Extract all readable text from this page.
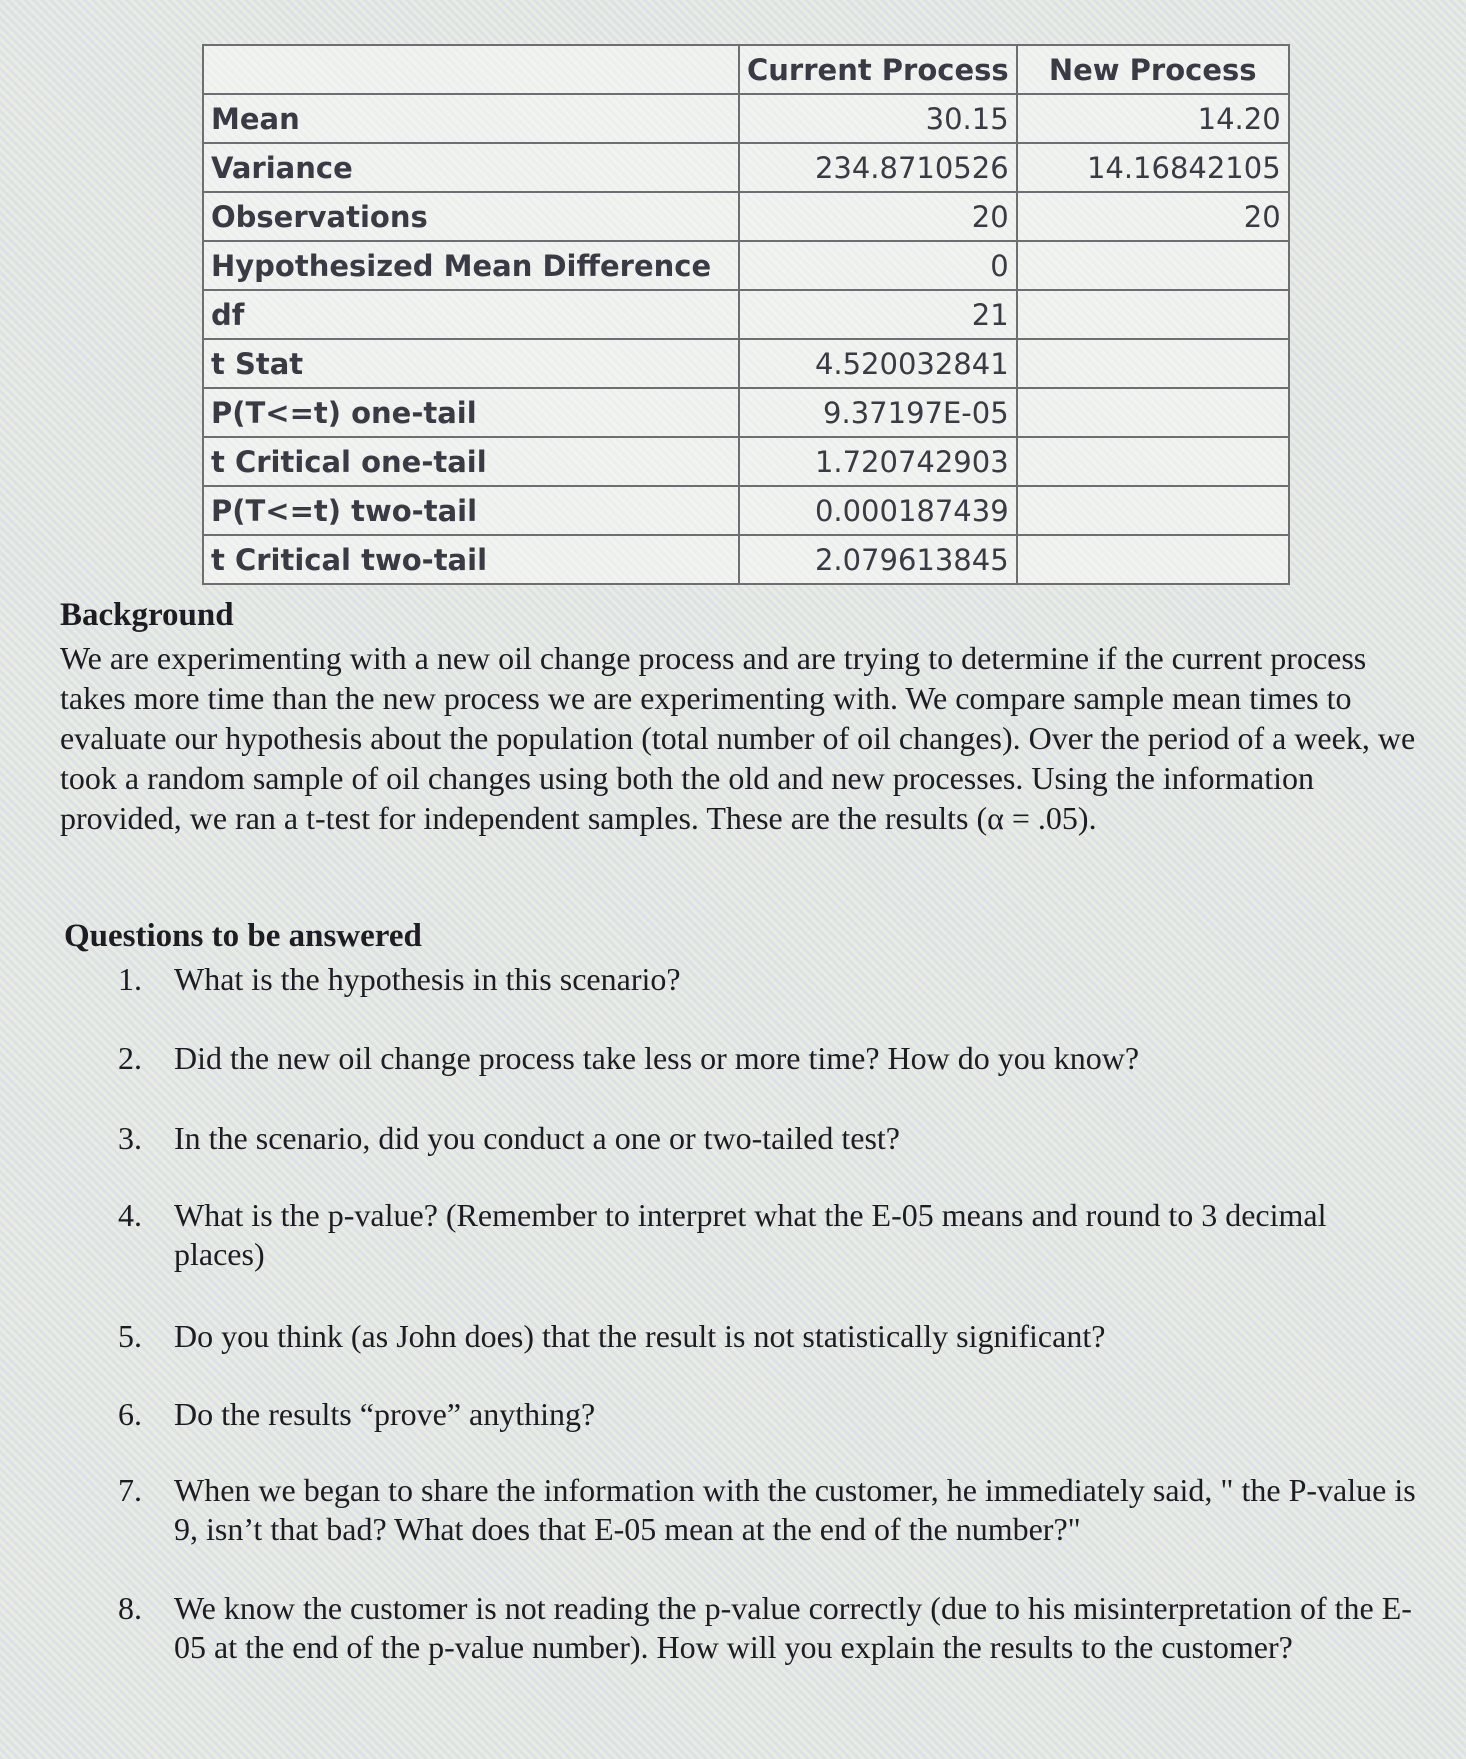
	Current Process	New Process
Mean	30.15	14.20
Variance	234.8710526	14.16842105
Observations	20	20
Hypothesized Mean Difference	0	
df	21	
t Stat	4.520032841	
P(T<=t) one-tail	9.37197E-05	
t Critical one-tail	1.720742903	
P(T<=t) two-tail	0.000187439	
t Critical two-tail	2.079613845	
Background

We are experimenting with a new oil change process and are trying to determine if the current process takes more time than the new process we are experimenting with. We compare sample mean times to evaluate our hypothesis about the population (total number of oil changes). Over the period of a week, we took a random sample of oil changes using both the old and new processes. Using the information provided, we ran a t-test for independent samples. These are the results (α = .05).

Questions to be answered
1.	What is the hypothesis in this scenario?
2.	Did the new oil change process take less or more time? How do you know?
3.	In the scenario, did you conduct a one or two-tailed test?
4.	What is the p-value? (Remember to interpret what the E-05 means and round to 3 decimal places)
5.	Do you think (as John does) that the result is not statistically significant?
6.	Do the results “prove” anything?
7.	When we began to share the information with the customer, he immediately said, " the P-value is 9, isn’t that bad? What does that E-05 mean at the end of the number?"
8.	We know the customer is not reading the p-value correctly (due to his misinterpretation of the E-05 at the end of the p-value number). How will you explain the results to the customer?
